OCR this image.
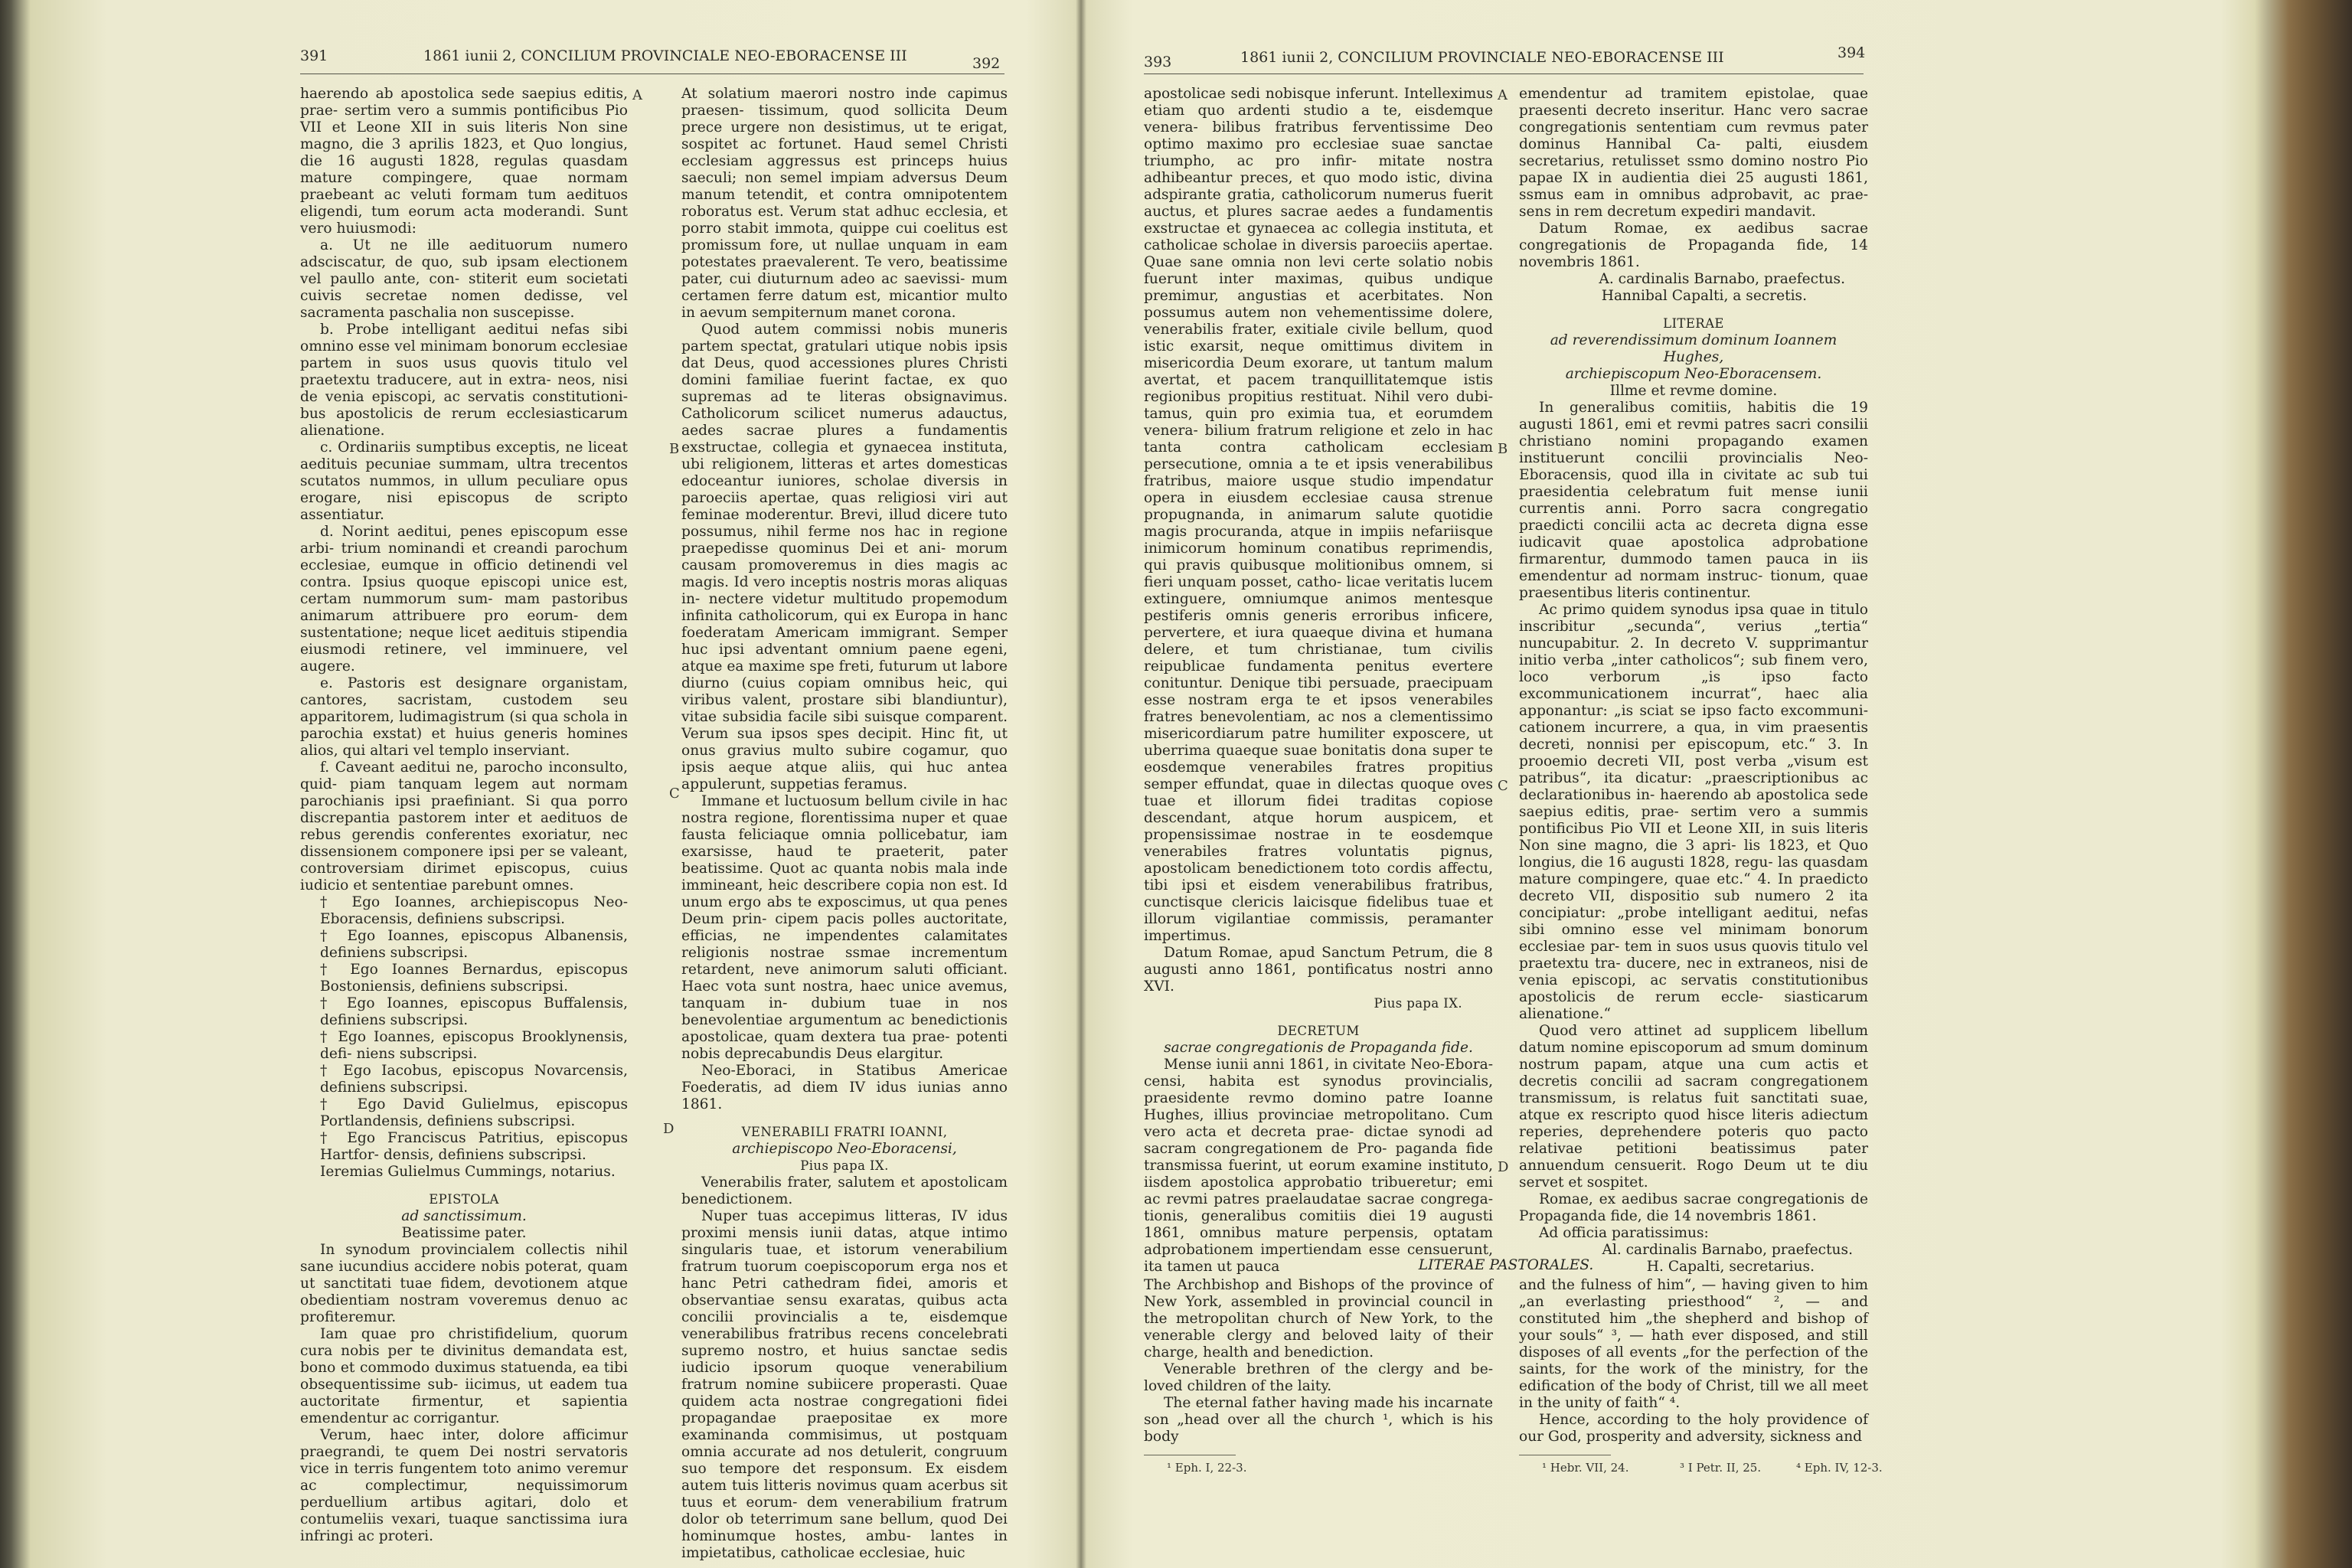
391	1861 iunii 2, CONCILIUM PROVINCIALE NEO-EBORACENSE III	392
A
B
C
D

haerendo ab apostolica sede saepius editis, prae- sertim vero a summis pontificibus Pio VII et Leone XII in suis literis Non sine magno, die 3 aprilis 1823, et Quo longius, die 16 augusti 1828, regulas quasdam mature compingere, quae normam praebeant ac veluti formam tum aedituos eligendi, tum eorum acta moderandi. Sunt vero huiusmodi:

a. Ut ne ille aedituorum numero adsciscatur, de quo, sub ipsam electionem vel paullo ante, con- stiterit eum societati cuivis secretae nomen dedisse, vel sacramenta paschalia non suscepisse.

b. Probe intelligant aeditui nefas sibi omnino esse vel minimam bonorum ecclesiae partem in suos usus quovis titulo vel praetextu traducere, aut in extra- neos, nisi de venia episcopi, ac servatis constitutioni- bus apostolicis de rerum ecclesiasticarum alienatione.

c. Ordinariis sumptibus exceptis, ne liceat aedituis pecuniae summam, ultra trecentos scutatos nummos, in ullum peculiare opus erogare, nisi episcopus de scripto assentiatur.

d. Norint aeditui, penes episcopum esse arbi- trium nominandi et creandi parochum ecclesiae, eumque in officio detinendi vel contra. Ipsius quoque episcopi unice est, certam nummorum sum- mam pastoribus animarum attribuere pro eorum- dem sustentatione; neque licet aedituis stipendia eiusmodi retinere, vel imminuere, vel augere.

e. Pastoris est designare organistam, cantores, sacristam, custodem seu apparitorem, ludimagistrum (si qua schola in parochia exstat) et huius generis homines alios, qui altari vel templo inserviant.

f. Caveant aeditui ne, parocho inconsulto, quid- piam tanquam legem aut normam parochianis ipsi praefiniant. Si qua porro discrepantia pastorem inter et aedituos de rebus gerendis conferentes exoriatur, nec dissensionem componere ipsi per se valeant, controversiam dirimet episcopus, cuius iudicio et sententiae parebunt omnes.

† Ego Ioannes, archiepiscopus Neo-Eboracensis, definiens subscripsi.

† Ego Ioannes, episcopus Albanensis, definiens subscripsi.

† Ego Ioannes Bernardus, episcopus Bostoniensis, definiens subscripsi.

† Ego Ioannes, episcopus Buffalensis, definiens subscripsi.

† Ego Ioannes, episcopus Brooklynensis, defi- niens subscripsi.

† Ego Iacobus, episcopus Novarcensis, definiens subscripsi.

† Ego David Gulielmus, episcopus Portlandensis, definiens subscripsi.

† Ego Franciscus Patritius, episcopus Hartfor- densis, definiens subscripsi.

Ieremias Gulielmus Cummings, notarius.

EPISTOLA

ad sanctissimum.

Beatissime pater.

In synodum provincialem collectis nihil sane iucundius accidere nobis poterat, quam ut sanctitati tuae fidem, devotionem atque obedientiam nostram voveremus denuo ac profiteremur.

Iam quae pro christifidelium, quorum cura nobis per te divinitus demandata est, bono et commodo duximus statuenda, ea tibi obsequentissime sub- iicimus, ut eadem tua auctoritate firmentur, et sapientia emendentur ac corrigantur.

Verum, haec inter, dolore afficimur praegrandi, te quem Dei nostri servatoris vice in terris fungentem toto animo veremur ac complectimur, nequissimorum perduellium artibus agitari, dolo et contumeliis vexari, tuaque sanctissima iura infringi ac proteri.

At solatium maerori nostro inde capimus praesen- tissimum, quod sollicita Deum prece urgere non desistimus, ut te erigat, sospitet ac fortunet. Haud semel Christi ecclesiam aggressus est princeps huius saeculi; non semel impiam adversus Deum manum tetendit, et contra omnipotentem roboratus est. Verum stat adhuc ecclesia, et porro stabit immota, quippe cui coelitus est promissum fore, ut nullae unquam in eam potestates praevalerent. Te vero, beatissime pater, cui diuturnum adeo ac saevissi- mum certamen ferre datum est, micantior multo in aevum sempiternum manet corona.

Quod autem commissi nobis muneris partem spectat, gratulari utique nobis ipsis dat Deus, quod accessiones plures Christi domini familiae fuerint factae, ex quo supremas ad te literas obsignavimus. Catholicorum scilicet numerus adauctus, aedes sacrae plures a fundamentis exstructae, collegia et gynaecea instituta, ubi religionem, litteras et artes domesticas edoceantur iuniores, scholae diversis in paroeciis apertae, quas religiosi viri aut feminae moderentur. Brevi, illud dicere tuto possumus, nihil ferme nos hac in regione praepedisse quominus Dei et ani- morum causam promoveremus in dies magis ac magis. Id vero inceptis nostris moras aliquas in- nectere videtur multitudo propemodum infinita catholicorum, qui ex Europa in hanc foederatam Americam immigrant. Semper huc ipsi adventant omnium paene egeni, atque ea maxime spe freti, futurum ut labore diurno (cuius copiam omnibus heic, qui viribus valent, prostare sibi blandiuntur), vitae subsidia facile sibi suisque comparent. Verum sua ipsos spes decipit. Hinc fit, ut onus gravius multo subire cogamur, quo ipsis aeque atque aliis, qui huc antea appulerunt, suppetias feramus.

Immane et luctuosum bellum civile in hac nostra regione, florentissima nuper et quae fausta feliciaque omnia pollicebatur, iam exarsisse, haud te praeterit, pater beatissime. Quot ac quanta nobis mala inde immineant, heic describere copia non est. Id unum ergo abs te exposcimus, ut qua penes Deum prin- cipem pacis polles auctoritate, efficias, ne impendentes calamitates religionis nostrae ssmae incrementum retardent, neve animorum saluti officiant. Haec vota sunt nostra, haec unice avemus, tanquam in- dubium tuae in nos benevolentiae argumentum ac benedictionis apostolicae, quam dextera tua prae- potenti nobis deprecabundis Deus elargitur.

Neo-Eboraci, in Statibus Americae Foederatis, ad diem IV idus iunias anno 1861.

VENERABILI FRATRI IOANNI,

archiepiscopo Neo-Eboracensi,

Pius papa IX.

Venerabilis frater, salutem et apostolicam benedictionem.

Nuper tuas accepimus litteras, IV idus proximi mensis iunii datas, atque intimo singularis tuae, et istorum venerabilium fratrum tuorum coepiscoporum erga nos et hanc Petri cathedram fidei, amoris et observantiae sensu exaratas, quibus acta concilii provincialis a te, eisdemque venerabilibus fratribus recens concelebrati supremo nostro, et huius sanctae sedis iudicio ipsorum quoque venerabilium fratrum nomine subiicere properasti. Quae quidem acta nostrae congregationi fidei propagandae praepositae ex more examinanda commisimus, ut postquam omnia accurate ad nos detulerit, congruum suo tempore det responsum. Ex eisdem autem tuis litteris novimus quam acerbus sit tuus et eorum- dem venerabilium fratrum dolor ob teterrimum sane bellum, quod Dei hominumque hostes, ambu- lantes in impietatibus, catholicae ecclesiae, huic

393	1861 iunii 2, CONCILIUM PROVINCIALE NEO-EBORACENSE III	394
A
B
C
D

apostolicae sedi nobisque inferunt. Intelleximus etiam quo ardenti studio a te, eisdemque venera- bilibus fratribus ferventissime Deo optimo maximo pro ecclesiae suae sanctae triumpho, ac pro infir- mitate nostra adhibeantur preces, et quo modo istic, divina adspirante gratia, catholicorum numerus fuerit auctus, et plures sacrae aedes a fundamentis exstructae et gynaecea ac collegia instituta, et catholicae scholae in diversis paroeciis apertae. Quae sane omnia non levi certe solatio nobis fuerunt inter maximas, quibus undique premimur, angustias et acerbitates. Non possumus autem non vehementissime dolere, venerabilis frater, exitiale civile bellum, quod istic exarsit, neque omittimus divitem in misericordia Deum exorare, ut tantum malum avertat, et pacem tranquillitatemque istis regionibus propitius restituat. Nihil vero dubi- tamus, quin pro eximia tua, et eorumdem venera- bilium fratrum religione et zelo in hac tanta contra catholicam ecclesiam persecutione, omnia a te et ipsis venerabilibus fratribus, maiore usque studio impendatur opera in eiusdem ecclesiae causa strenue propugnanda, in animarum salute quotidie magis procuranda, atque in impiis nefariisque inimicorum hominum conatibus reprimendis, qui pravis quibusque molitionibus omnem, si fieri unquam posset, catho- licae veritatis lucem extinguere, omniumque animos mentesque pestiferis omnis generis erroribus inficere, pervertere, et iura quaeque divina et humana delere, et tum christianae, tum civilis reipublicae fundamenta penitus evertere conituntur. Denique tibi persuade, praecipuam esse nostram erga te et ipsos venerabiles fratres benevolentiam, ac nos a clementissimo misericordiarum patre humiliter exposcere, ut uberrima quaeque suae bonitatis dona super te eosdemque venerabiles fratres propitius semper effundat, quae in dilectas quoque oves tuae et illorum fidei traditas copiose descendant, atque horum auspicem, et propensissimae nostrae in te eosdemque venerabiles fratres voluntatis pignus, apostolicam benedictionem toto cordis affectu, tibi ipsi et eisdem venerabilibus fratribus, cunctisque clericis laicisque fidelibus tuae et illorum vigilantiae commissis, peramanter impertimus.

Datum Romae, apud Sanctum Petrum, die 8 augusti anno 1861, pontificatus nostri anno XVI.

Pius papa IX.

DECRETUM

sacrae congregationis de Propaganda fide.

Mense iunii anni 1861, in civitate Neo-Ebora- censi, habita est synodus provincialis, praesidente revmo domino patre Ioanne Hughes, illius provinciae metropolitano. Cum vero acta et decreta prae- dictae synodi ad sacram congregationem de Pro- paganda fide transmissa fuerint, ut eorum examine instituto, iisdem apostolica approbatio tribueretur; emi ac revmi patres praelaudatae sacrae congrega- tionis, generalibus comitiis diei 19 augusti 1861, omnibus mature perpensis, optatam adprobationem impertiendam esse censuerunt, ita tamen ut pauca

emendentur ad tramitem epistolae, quae praesenti decreto inseritur. Hanc vero sacrae congregationis sententiam cum revmus pater dominus Hannibal Ca- palti, eiusdem secretarius, retulisset ssmo domino nostro Pio papae IX in audientia diei 25 augusti 1861, ssmus eam in omnibus adprobavit, ac prae- sens in rem decretum expediri mandavit.

Datum Romae, ex aedibus sacrae congregationis de Propaganda fide, 14 novembris 1861.

A. cardinalis Barnabo, praefectus.

Hannibal Capalti, a secretis.

LITERAE

ad reverendissimum dominum Ioannem Hughes,

archiepiscopum Neo-Eboracensem.

Illme et revme domine.

In generalibus comitiis, habitis die 19 augusti 1861, emi et revmi patres sacri consilii christiano nomini propagando examen instituerunt concilii provincialis Neo-Eboracensis, quod illa in civitate ac sub tui praesidentia celebratum fuit mense iunii currentis anni. Porro sacra congregatio praedicti concilii acta ac decreta digna esse iudicavit quae apostolica adprobatione firmarentur, dummodo tamen pauca in iis emendentur ad normam instruc- tionum, quae praesentibus literis continentur.

Ac primo quidem synodus ipsa quae in titulo inscribitur „secunda“, verius „tertia“ nuncupabitur. 2. In decreto V. supprimantur initio verba „inter catholicos“; sub finem vero, loco verborum „is ipso facto excommunicationem incurrat“, haec alia apponantur: „is sciat se ipso facto excommuni- cationem incurrere, a qua, in vim praesentis decreti, nonnisi per episcopum, etc.“ 3. In prooemio decreti VII, post verba „visum est patribus“, ita dicatur: „praescriptionibus ac declarationibus in- haerendo ab apostolica sede saepius editis, prae- sertim vero a summis pontificibus Pio VII et Leone XII, in suis literis Non sine magno, die 3 apri- lis 1823, et Quo longius, die 16 augusti 1828, regu- las quasdam mature compingere, quae etc.“ 4. In praedicto decreto VII, dispositio sub numero 2 ita concipiatur: „probe intelligant aeditui, nefas sibi omnino esse vel minimam bonorum ecclesiae par- tem in suos usus quovis titulo vel praetextu tra- ducere, nec in extraneos, nisi de venia episcopi, ac servatis constitutionibus apostolicis de rerum eccle- siasticarum alienatione.“

Quod vero attinet ad supplicem libellum datum nomine episcoporum ad smum dominum nostrum papam, atque una cum actis et decretis concilii ad sacram congregationem transmissum, is relatus fuit sanctitati suae, atque ex rescripto quod hisce literis adiectum reperies, deprehendere poteris quo pacto relativae petitioni beatissimus pater annuendum censuerit. Rogo Deum ut te diu servet et sospitet.

Romae, ex aedibus sacrae congregationis de Propaganda fide, die 14 novembris 1861.

Ad officia paratissimus:

Al. cardinalis Barnabo, praefectus.

H. Capalti, secretarius.

LITERAE PASTORALES.

The Archbishop and Bishops of the province of New York, assembled in provincial council in the metropolitan church of New York, to the venerable clergy and beloved laity of their charge, health and benediction.

Venerable brethren of the clergy and be- loved children of the laity.

The eternal father having made his incarnate son „head over all the church ¹, which is his body

and the fulness of him“, — having given to him „an everlasting priesthood“ ², — and constituted him „the shepherd and bishop of your souls“ ³, — hath ever disposed, and still disposes of all events „for the perfection of the saints, for the work of the ministry, for the edification of the body of Christ, till we all meet in the unity of faith“ ⁴.

Hence, according to the holy providence of our God, prosperity and adversity, sickness and

¹ Eph. I, 22-3.	¹ Hebr. VII, 24.	³ I Petr. II, 25.	⁴ Eph. IV, 12-3.
